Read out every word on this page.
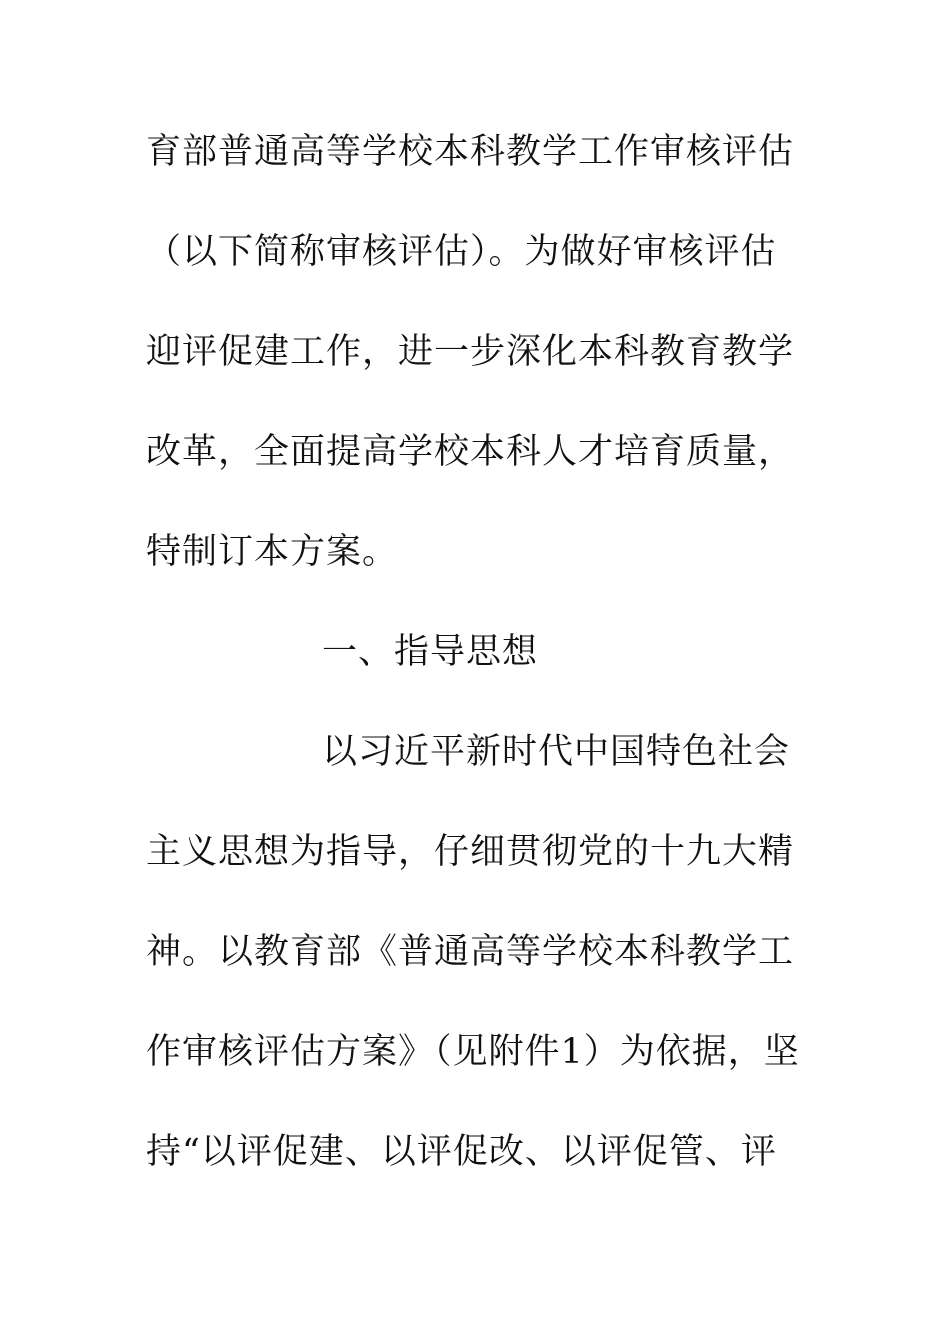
育部普通高等学校本科教学工作审核评估
（以下简称审核评估）。为做好审核评估
迎评促建工作，进一步深化本科教育教学
改革，全面提高学校本科人才培育质量，
特制订本方案。
一、指导思想
以习近平新时代中国特色社会
主义思想为指导，仔细贯彻党的十九大精
神。以教育部《普通高等学校本科教学工
作审核评估方案》（见附件1）为依据，坚
持“以评促建、以评促改、以评促管、评
